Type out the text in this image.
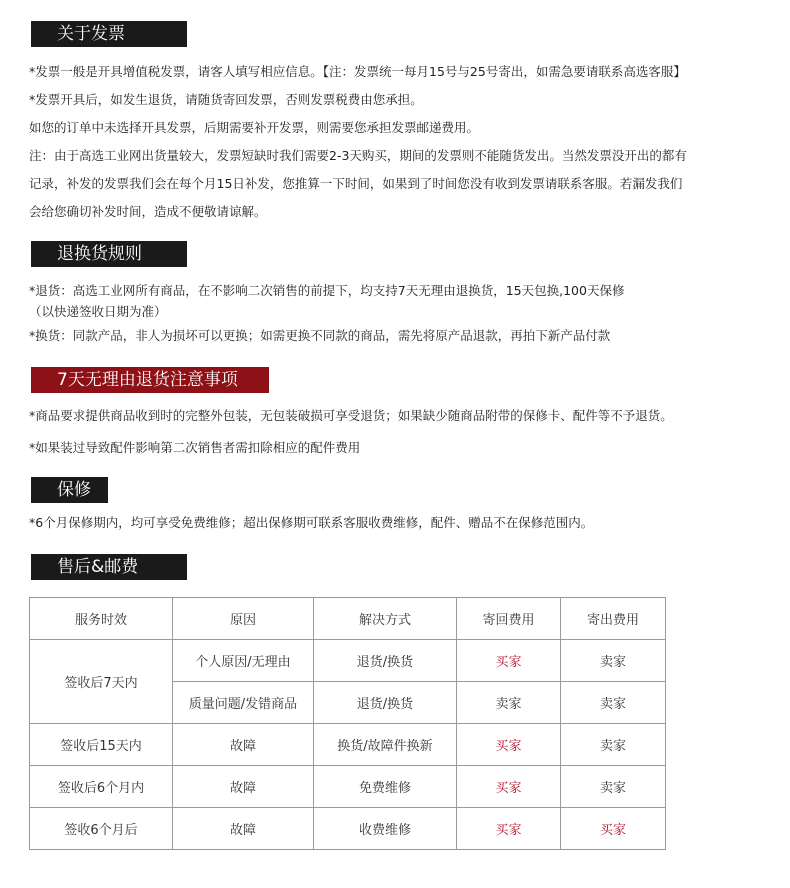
关于发票
*发票一般是开具增值税发票，请客人填写相应信息。【注：发票统一每月15号与25号寄出，如需急要请联系高选客服】
*发票开具后，如发生退货，请随货寄回发票，否则发票税费由您承担。
如您的订单中未选择开具发票，后期需要补开发票，则需要您承担发票邮递费用。
注：由于高选工业网出货量较大，发票短缺时我们需要2-3天购买，期间的发票则不能随货发出。当然发票没开出的都有
记录，补发的发票我们会在每个月15日补发，您推算一下时间，如果到了时间您没有收到发票请联系客服。若漏发我们
会给您确切补发时间，造成不便敬请谅解。
退换货规则
*退货：高选工业网所有商品，在不影响二次销售的前提下，均支持7天无理由退换货，15天包换,100天保修
（以快递签收日期为准）
*换货：同款产品，非人为损坏可以更换；如需更换不同款的商品，需先将原产品退款，再拍下新产品付款
7天无理由退货注意事项
*商品要求提供商品收到时的完整外包装，无包装破损可享受退货；如果缺少随商品附带的保修卡、配件等不予退货。
*如果装过导致配件影响第二次销售者需扣除相应的配件费用
保修
*6个月保修期内，均可享受免费维修；超出保修期可联系客服收费维修，配件、赠品不在保修范围内。
售后&邮费
服务时效	原因	解决方式	寄回费用	寄出费用
签收后7天内	个人原因/无理由	退货/换货	买家	卖家
	质量问题/发错商品	退货/换货	卖家	卖家
签收后15天内	故障	换货/故障件换新	买家	卖家
签收后6个月内	故障	免费维修	买家	卖家
签收6个月后	故障	收费维修	买家	买家
